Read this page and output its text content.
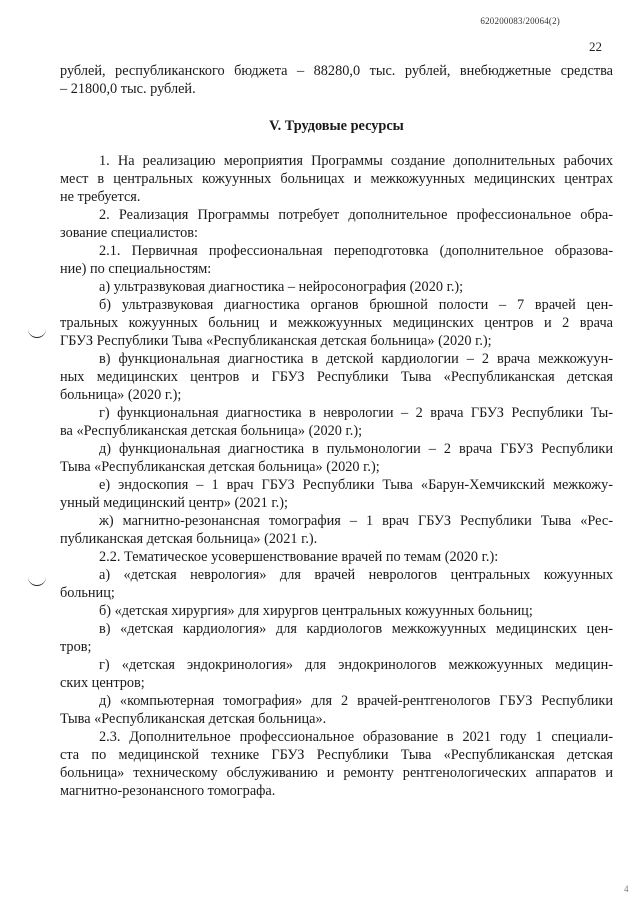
620200083/20064(2)
22
рублей, республиканского бюджета – 88280,0 тыс. рублей, внебюджетные средства
– 21800,0 тыс. рублей.
V. Трудовые ресурсы
1. На реализацию мероприятия Программы создание дополнительных рабочих
мест в центральных кожуунных больницах и межкожуунных медицинских центрах
не требуется.
2. Реализация Программы потребует дополнительное профессиональное обра-
зование специалистов:
2.1. Первичная профессиональная переподготовка (дополнительное образова-
ние) по специальностям:
а) ультразвуковая диагностика – нейросонография (2020 г.);
б) ультразвуковая диагностика органов брюшной полости – 7 врачей цен-
тральных кожуунных больниц и межкожуунных медицинских центров и 2 врача
ГБУЗ Республики Тыва «Республиканская детская больница» (2020 г.);
в) функциональная диагностика в детской кардиологии – 2 врача межкожуун-
ных медицинских центров и ГБУЗ Республики Тыва «Республиканская детская
больница» (2020 г.);
г) функциональная диагностика в неврологии – 2 врача ГБУЗ Республики Ты-
ва «Республиканская детская больница» (2020 г.);
д) функциональная диагностика в пульмонологии – 2 врача ГБУЗ Республики
Тыва «Республиканская детская больница» (2020 г.);
е) эндоскопия – 1 врач ГБУЗ Республики Тыва «Барун-Хемчикский межкожу-
унный медицинский центр» (2021 г.);
ж) магнитно-резонансная томография – 1 врач ГБУЗ Республики Тыва «Рес-
публиканская детская больница» (2021 г.).
2.2. Тематическое усовершенствование врачей по темам (2020 г.):
а) «детская неврология» для врачей неврологов центральных кожуунных
больниц;
б) «детская хирургия» для хирургов центральных кожуунных больниц;
в) «детская кардиология» для кардиологов межкожуунных медицинских цен-
тров;
г) «детская эндокринология» для эндокринологов межкожуунных медицин-
ских центров;
д) «компьютерная томография» для 2 врачей-рентгенологов ГБУЗ Республики
Тыва «Республиканская детская больница».
2.3. Дополнительное профессиональное образование в 2021 году 1 специали-
ста по медицинской технике ГБУЗ Республики Тыва «Республиканская детская
больница» техническому обслуживанию и ремонту рентгенологических аппаратов и
магнитно-резонансного томографа.
4
